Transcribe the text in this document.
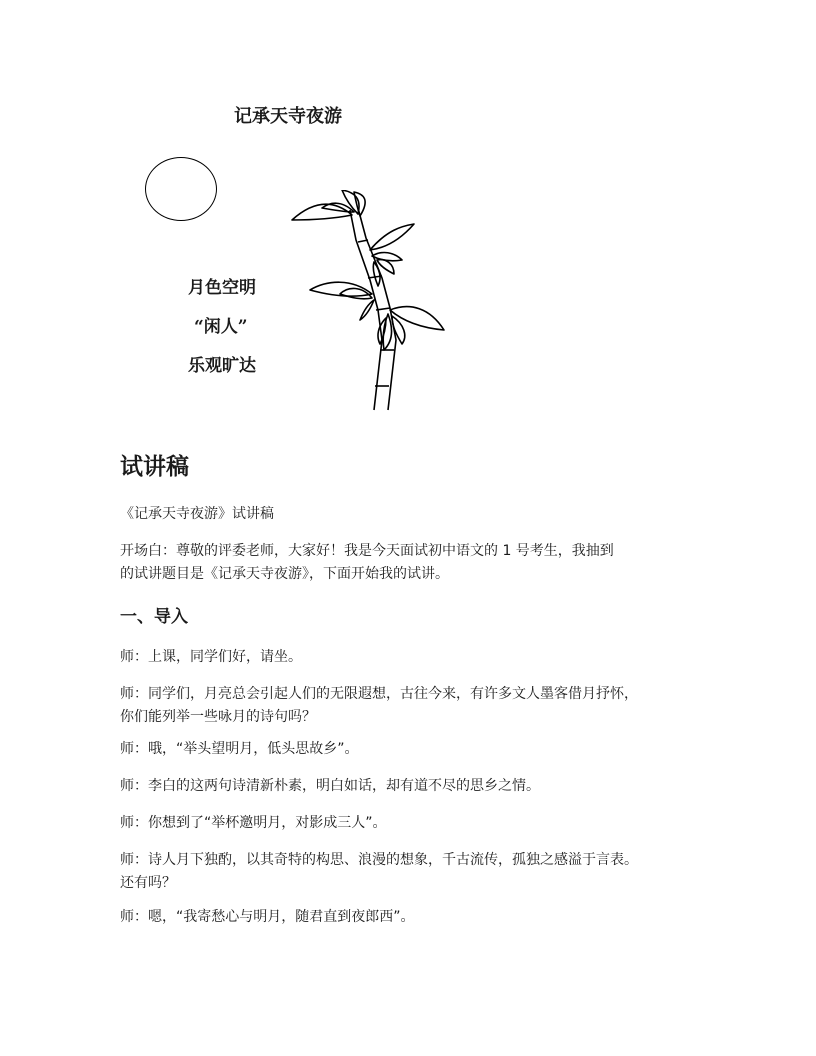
记承天寺夜游
月色空明
“闲人”
乐观旷达
试讲稿
《记承天寺夜游》试讲稿
开场白：尊敬的评委老师，大家好！我是今天面试初中语文的 1 号考生，我抽到
的试讲题目是《记承天寺夜游》，下面开始我的试讲。
一、导入
师：上课，同学们好，请坐。
师：同学们，月亮总会引起人们的无限遐想，古往今来，有许多文人墨客借月抒怀，
你们能列举一些咏月的诗句吗？
师：哦，“举头望明月，低头思故乡”。
师：李白的这两句诗清新朴素，明白如话，却有道不尽的思乡之情。
师：你想到了“举杯邀明月，对影成三人”。
师：诗人月下独酌，以其奇特的构思、浪漫的想象，千古流传，孤独之感溢于言表。
还有吗？
师：嗯，“我寄愁心与明月，随君直到夜郎西”。
